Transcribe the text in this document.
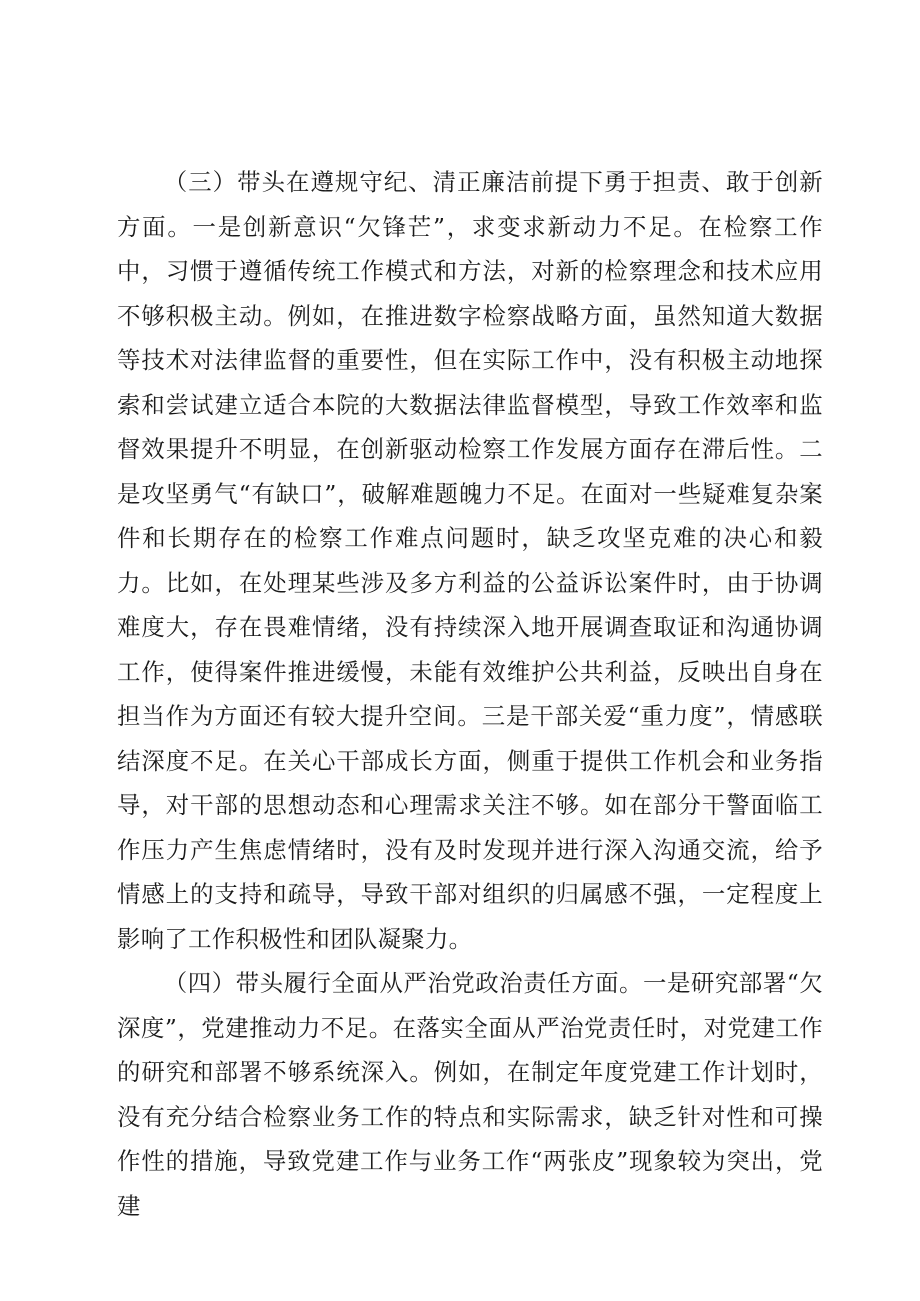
（三）带头在遵规守纪、清正廉洁前提下勇于担责、敢于创新方面。一是创新意识“欠锋芒”，求变求新动力不足。在检察工作中，习惯于遵循传统工作模式和方法，对新的检察理念和技术应用不够积极主动。例如，在推进数字检察战略方面，虽然知道大数据等技术对法律监督的重要性，但在实际工作中，没有积极主动地探索和尝试建立适合本院的大数据法律监督模型，导致工作效率和监督效果提升不明显，在创新驱动检察工作发展方面存在滞后性。二是攻坚勇气“有缺口”，破解难题魄力不足。在面对一些疑难复杂案件和长期存在的检察工作难点问题时，缺乏攻坚克难的决心和毅力。比如，在处理某些涉及多方利益的公益诉讼案件时，由于协调难度大，存在畏难情绪，没有持续深入地开展调查取证和沟通协调工作，使得案件推进缓慢，未能有效维护公共利益，反映出自身在担当作为方面还有较大提升空间。三是干部关爱“重力度”，情感联结深度不足。在关心干部成长方面，侧重于提供工作机会和业务指导，对干部的思想动态和心理需求关注不够。如在部分干警面临工作压力产生焦虑情绪时，没有及时发现并进行深入沟通交流，给予情感上的支持和疏导，导致干部对组织的归属感不强，一定程度上影响了工作积极性和团队凝聚力。

（四）带头履行全面从严治党政治责任方面。一是研究部署“欠深度”，党建推动力不足。在落实全面从严治党责任时，对党建工作的研究和部署不够系统深入。例如，在制定年度党建工作计划时，没有充分结合检察业务工作的特点和实际需求，缺乏针对性和可操作性的措施，导致党建工作与业务工作“两张皮”现象较为突出，党建
